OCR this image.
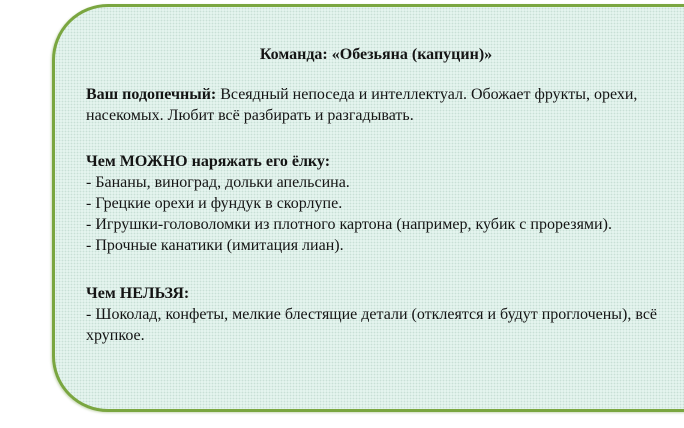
Команда: «Обезьяна (капуцин)»

Ваш подопечный: Всеядный непоседа и интеллектуал. Обожает фрукты, орехи, насекомых. Любит всё разбирать и разгадывать.

Чем МОЖНО наряжать его ёлку:

‐ Бананы, виноград, дольки апельсина.

‐ Грецкие орехи и фундук в скорлупе.

‐ Игрушки‐головоломки из плотного картона (например, кубик с прорезями).

‐ Прочные канатики (имитация лиан).

Чем НЕЛЬЗЯ:

‐ Шоколад, конфеты, мелкие блестящие детали (отклеятся и будут проглочены), всё хрупкое.
